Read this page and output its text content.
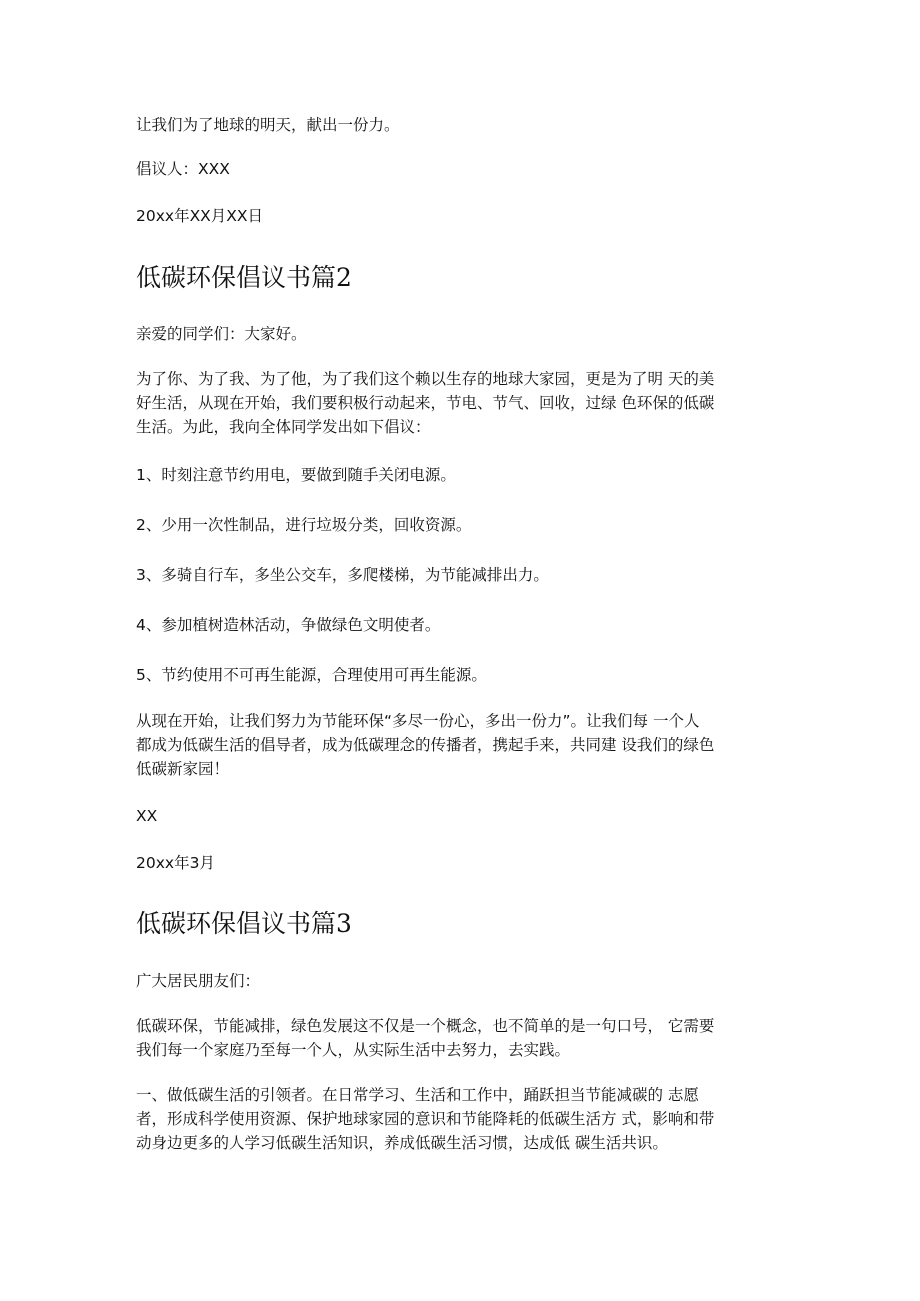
让我们为了地球的明天，献出一份力。
倡议人：XXX
20xx年XX月XX日
低碳环保倡议书篇2
亲爱的同学们：大家好。
为了你、为了我、为了他，为了我们这个赖以生存的地球大家园，更是为了明 天的美
好生活，从现在开始，我们要积极行动起来，节电、节气、回收，过绿 色环保的低碳
生活。为此，我向全体同学发出如下倡议：
1、时刻注意节约用电，要做到随手关闭电源。
2、少用一次性制品，进行垃圾分类，回收资源。
3、多骑自行车，多坐公交车，多爬楼梯，为节能减排出力。
4、参加植树造林活动，争做绿色文明使者。
5、节约使用不可再生能源，合理使用可再生能源。
从现在开始，让我们努力为节能环保“多尽一份心，多出一份力”。让我们每 一个人
都成为低碳生活的倡导者，成为低碳理念的传播者，携起手来，共同建 设我们的绿色
低碳新家园！
XX
20xx年3月
低碳环保倡议书篇3
广大居民朋友们：
低碳环保，节能减排，绿色发展这不仅是一个概念，也不简单的是一句口号， 它需要
我们每一个家庭乃至每一个人，从实际生活中去努力，去实践。
一、做低碳生活的引领者。在日常学习、生活和工作中，踊跃担当节能减碳的 志愿
者，形成科学使用资源、保护地球家园的意识和节能降耗的低碳生活方 式，影响和带
动身边更多的人学习低碳生活知识，养成低碳生活习惯，达成低 碳生活共识。
